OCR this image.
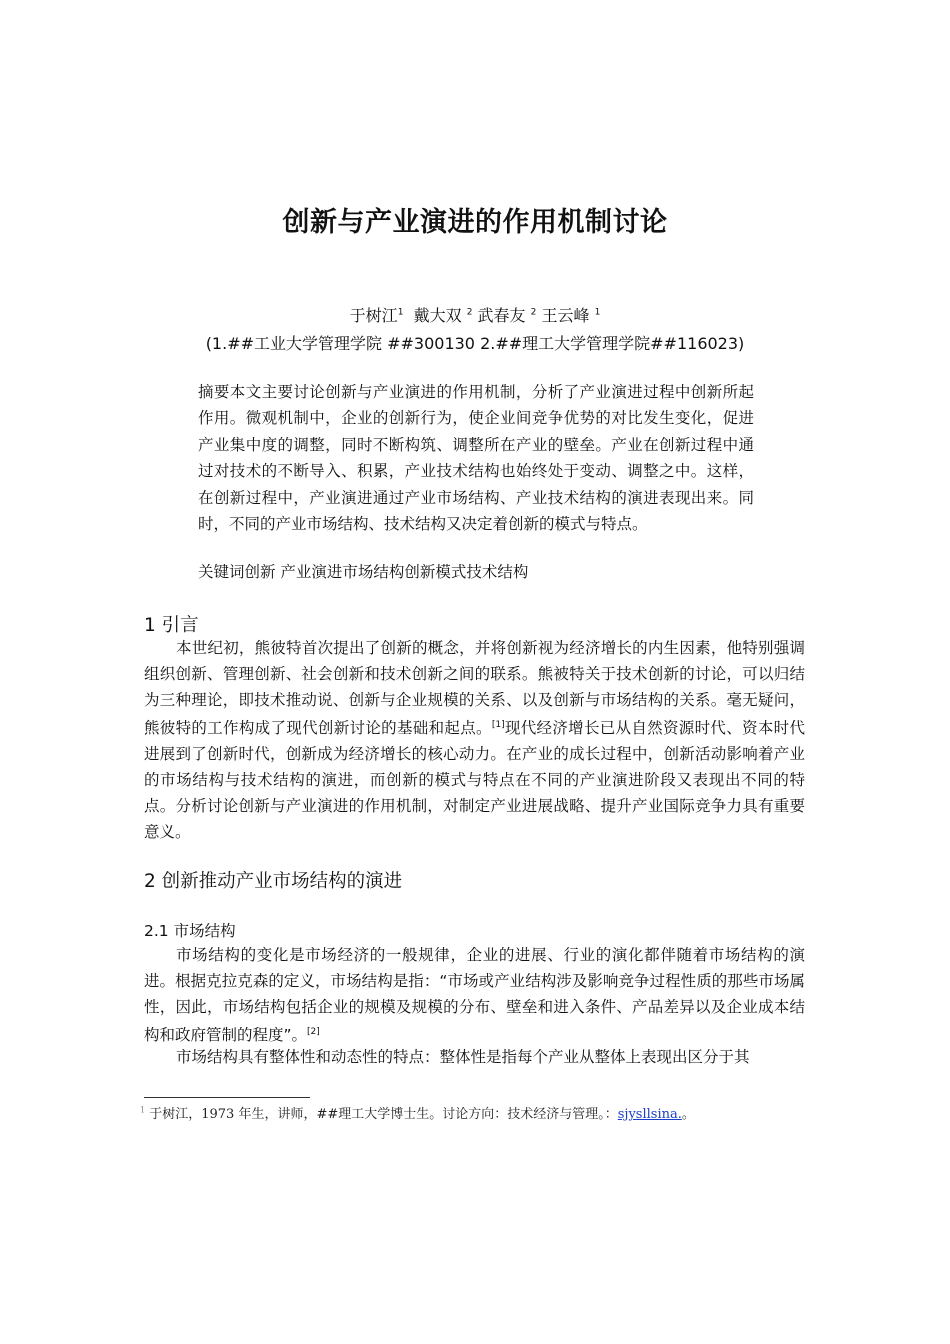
创新与产业演进的作用机制讨论
于树江$^1$ 戴大双 $^2$ 武春友 $^2$ 王云峰 $^1$
(1.##工业大学管理学院 ##300130 2.##理工大学管理学院##116023)
摘要本文主要讨论创新与产业演进的作用机制，分析了产业演进过程中创新所起作用。微观机制中，企业的创新行为，使企业间竞争优势的对比发生变化，促进产业集中度的调整，同时不断构筑、调整所在产业的壁垒。产业在创新过程中通过对技术的不断导入、积累，产业技术结构也始终处于变动、调整之中。这样，在创新过程中，产业演进通过产业市场结构、产业技术结构的演进表现出来。同时，不同的产业市场结构、技术结构又决定着创新的模式与特点。
关键词创新 产业演进市场结构创新模式技术结构
1 引言
本世纪初，熊彼特首次提出了创新的概念，并将创新视为经济增长的内生因素，他特别强调组织创新、管理创新、社会创新和技术创新之间的联系。熊被特关于技术创新的讨论，可以归结为三种理论，即技术推动说、创新与企业规模的关系、以及创新与市场结构的关系。毫无疑问，熊彼特的工作构成了现代创新讨论的基础和起点。[1]现代经济增长已从自然资源时代、资本时代进展到了创新时代，创新成为经济增长的核心动力。在产业的成长过程中，创新活动影响着产业的市场结构与技术结构的演进，而创新的模式与特点在不同的产业演进阶段又表现出不同的特点。分析讨论创新与产业演进的作用机制，对制定产业进展战略、提升产业国际竞争力具有重要意义。
2 创新推动产业市场结构的演进
2.1 市场结构
市场结构的变化是市场经济的一般规律，企业的进展、行业的演化都伴随着市场结构的演进。根据克拉克森的定义，市场结构是指：“市场或产业结构涉及影响竞争过程性质的那些市场属性，因此，市场结构包括企业的规模及规模的分布、壁垒和进入条件、产品差异以及企业成本结构和政府管制的程度”。[2]
市场结构具有整体性和动态性的特点：整体性是指每个产业从整体上表现出区分于其
$^1$ 于树江，1973 年生，讲师，##理工大学博士生。讨论方向：技术经济与管理。：sjysllsina.。
